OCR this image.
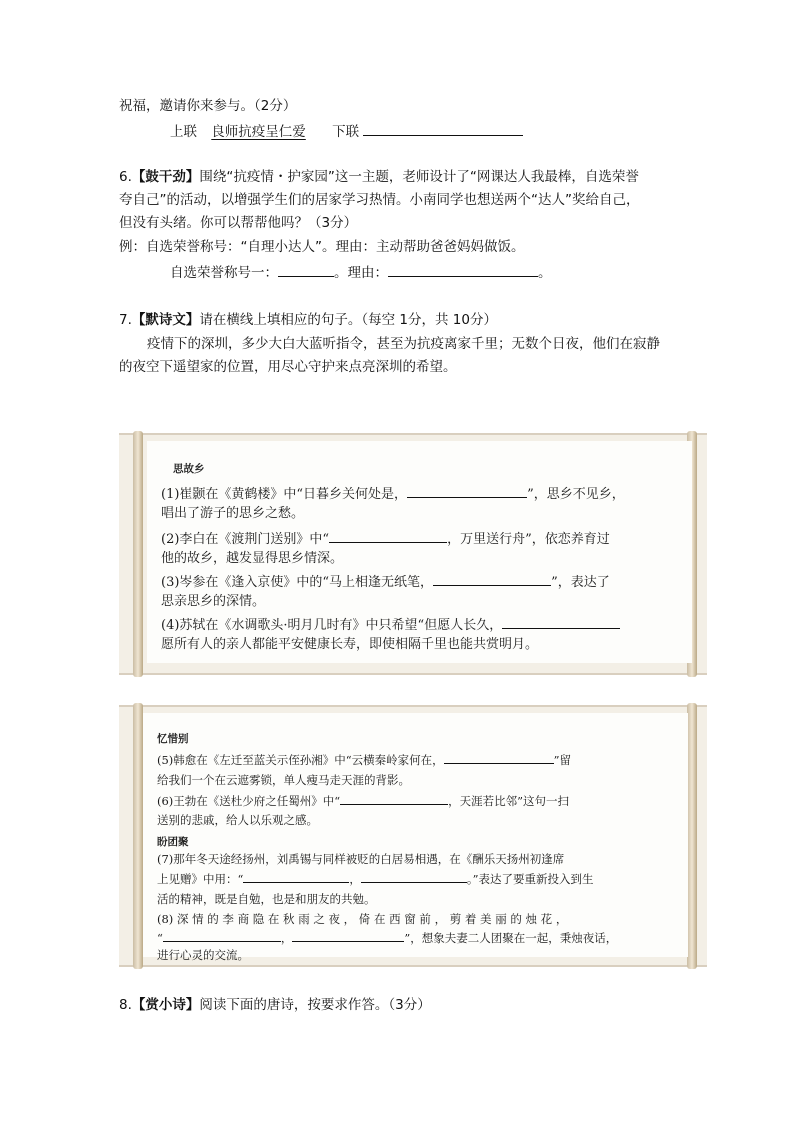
祝福，邀请你来参与。（2分）
上联 良师抗疫呈仁爱 下联
6.【鼓干劲】围绕“抗疫情・护家园”这一主题，老师设计了“网课达人我最棒，自选荣誉
夸自己”的活动，以增强学生们的居家学习热情。小南同学也想送两个“达人”奖给自己，
但没有头绪。你可以帮帮他吗？（3分）
例：自选荣誉称号：“自理小达人”。理由：主动帮助爸爸妈妈做饭。
自选荣誉称号一：	。理由：	。
7.【默诗文】请在横线上填相应的句子。（每空 1分，共 10分）
疫情下的深圳，多少大白大蓝听指令，甚至为抗疫离家千里；无数个日夜，他们在寂静
的夜空下遥望家的位置，用尽心守护来点亮深圳的希望。
思故乡
(1)崔颢在《黄鹤楼》中“日暮乡关何处是，	”，思乡不见乡，
唱出了游子的思乡之愁。
(2)李白在《渡荆门送别》中“	，万里送行舟”，依恋养育过
他的故乡，越发显得思乡情深。
(3)岑参在《逢入京使》中的“马上相逢无纸笔，	”，表达了
思亲思乡的深情。
(4)苏轼在《水调歌头·明月几时有》中只希望“但愿人长久，
愿所有人的亲人都能平安健康长寿，即使相隔千里也能共赏明月。
忆惜别
(5)韩愈在《左迁至蓝关示侄孙湘》中“云横秦岭家何在，	”留
给我们一个在云遮雾锁，单人瘦马走天涯的背影。
(6)王勃在《送杜少府之任蜀州》中“	，天涯若比邻”这句一扫
送别的悲戚，给人以乐观之感。
盼团聚
(7)那年冬天途经扬州，刘禹锡与同样被贬的白居易相遇，在《酬乐天扬州初逢席
上见赠》中用：“	，	。”表达了要重新投入到生
活的精神，既是自勉，也是和朋友的共勉。
(8) 深 情 的 李 商 隐 在 秋 雨 之 夜 ， 倚 在 西 窗 前 ， 剪 着 美 丽 的 烛 花 ，
“	，	”，想象夫妻二人团聚在一起，秉烛夜话，
进行心灵的交流。
8.【赏小诗】阅读下面的唐诗，按要求作答。（3分）
